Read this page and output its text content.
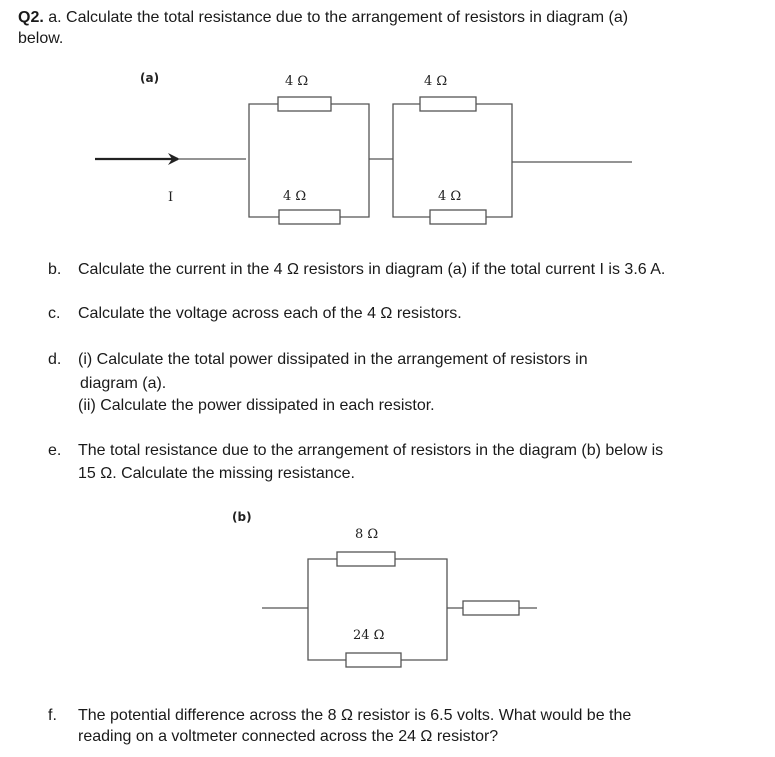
Q2. a. Calculate the total resistance due to the arrangement of resistors in diagram (a)
below.
(a)
I
4 Ω
4 Ω
4 Ω
4 Ω
b. Calculate the current in the 4 Ω resistors in diagram (a) if the total current I is 3.6 A.
c. Calculate the voltage across each of the 4 Ω resistors.
d. (i) Calculate the total power dissipated in the arrangement of resistors in
diagram (a).
(ii) Calculate the power dissipated in each resistor.
e. The total resistance due to the arrangement of resistors in the diagram (b) below is
15 Ω. Calculate the missing resistance.
(b)
8 Ω
24 Ω
f. The potential difference across the 8 Ω resistor is 6.5 volts. What would be the
reading on a voltmeter connected across the 24 Ω resistor?
